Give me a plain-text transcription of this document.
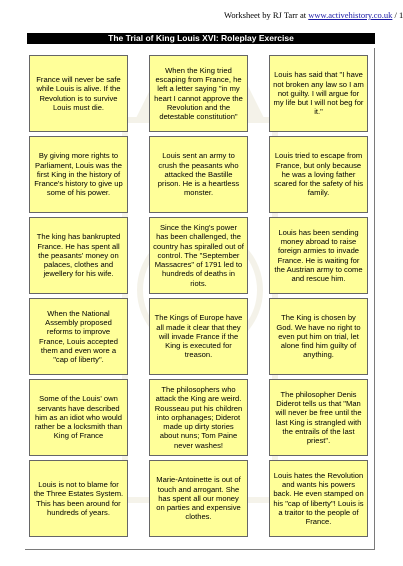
Worksheet by RJ Tarr at www.activehistory.co.uk / 1
The Trial of King Louis XVI: Roleplay Exercise
France will never be safe while Louis is alive. If the Revolution is to survive Louis must die.
When the King tried escaping from France, he left a letter saying "in my heart I cannot approve the Revolution and the detestable constitution"
Louis has said that "I have not broken any law so I am not guilty. I will argue for my life but I will not beg for it."
By giving more rights to Parliament, Louis was the first King in the history of France's history to give up some of his power.
Louis sent an army to crush the peasants who attacked the Bastille prison. He is a heartless monster.
Louis tried to escape from France, but only because he was a loving father scared for the safety of his family.
The king has bankrupted France. He has spent all the peasants' money on palaces, clothes and jewellery for his wife.
Since the King's power has been challenged, the country has spiralled out of control. The "September Massacres" of 1791 led to hundreds of deaths in riots.
Louis has been sending money abroad to raise foreign armies to invade France. He is waiting for the Austrian army to come and rescue him.
When the National Assembly proposed reforms to improve France, Louis accepted them and even wore a "cap of liberty".
The Kings of Europe have all made it clear that they will invade France if the King is executed for treason.
The King is chosen by God. We have no right to even put him on trial, let alone find him guilty of anything.
Some of the Louis' own servants have described him as an idiot who would rather be a locksmith than King of France
The philosophers who attack the King are weird. Rousseau put his children into orphanages; Diderot made up dirty stories about nuns; Tom Paine never washes!
The philosopher Denis Diderot tells us that "Man will never be free until the last King is strangled with the entrails of the last priest".
Louis is not to blame for the Three Estates System. This has been around for hundreds of years.
Marie-Antoinette is out of touch and arrogant. She has spent all our money on parties and expensive clothes.
Louis hates the Revolution and wants his powers back. He even stamped on his "cap of liberty"! Louis is a traitor to the people of France.
